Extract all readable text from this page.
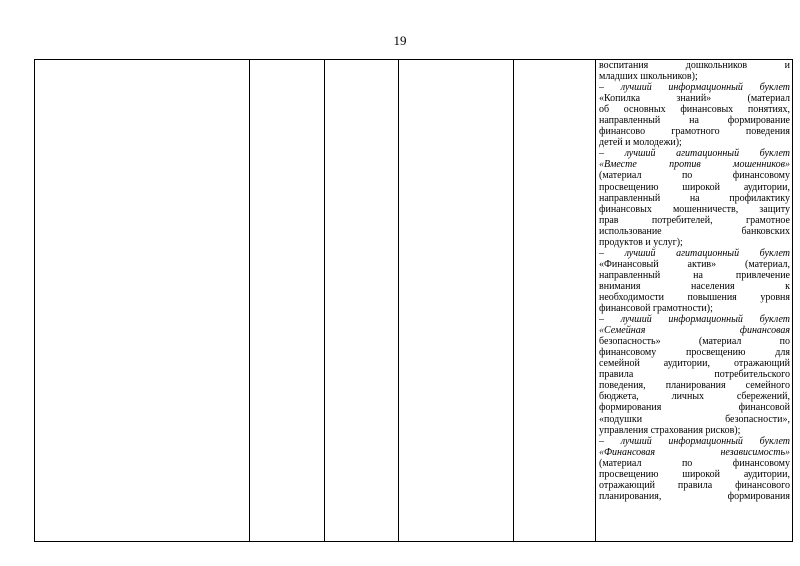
19

воспитания дошкольников и
младших школьников);
– лучший информационный буклет
«Копилка знаний» (материал
об основных финансовых понятиях,
направленный на формирование
финансово грамотного поведения
детей и молодежи);
– лучший агитационный буклет
«Вместе против мошенников»
(материал по финансовому
просвещению широкой аудитории,
направленный на профилактику
финансовых мошенничеств, защиту
прав потребителей, грамотное
использование банковских
продуктов и услуг);
– лучший агитационный буклет
«Финансовый актив» (материал,
направленный на привлечение
внимания населения к
необходимости повышения уровня
финансовой грамотности);
– лучший информационный буклет
«Семейная финансовая
безопасность» (материал по
финансовому просвещению для
семейной аудитории, отражающий
правила потребительского
поведения, планирования семейного
бюджета, личных сбережений,
формирования финансовой
«подушки безопасности»,
управления страхования рисков);
– лучший информационный буклет
«Финансовая независимость»
(материал по финансовому
просвещению широкой аудитории,
отражающий правила финансового
планирования, формирования
